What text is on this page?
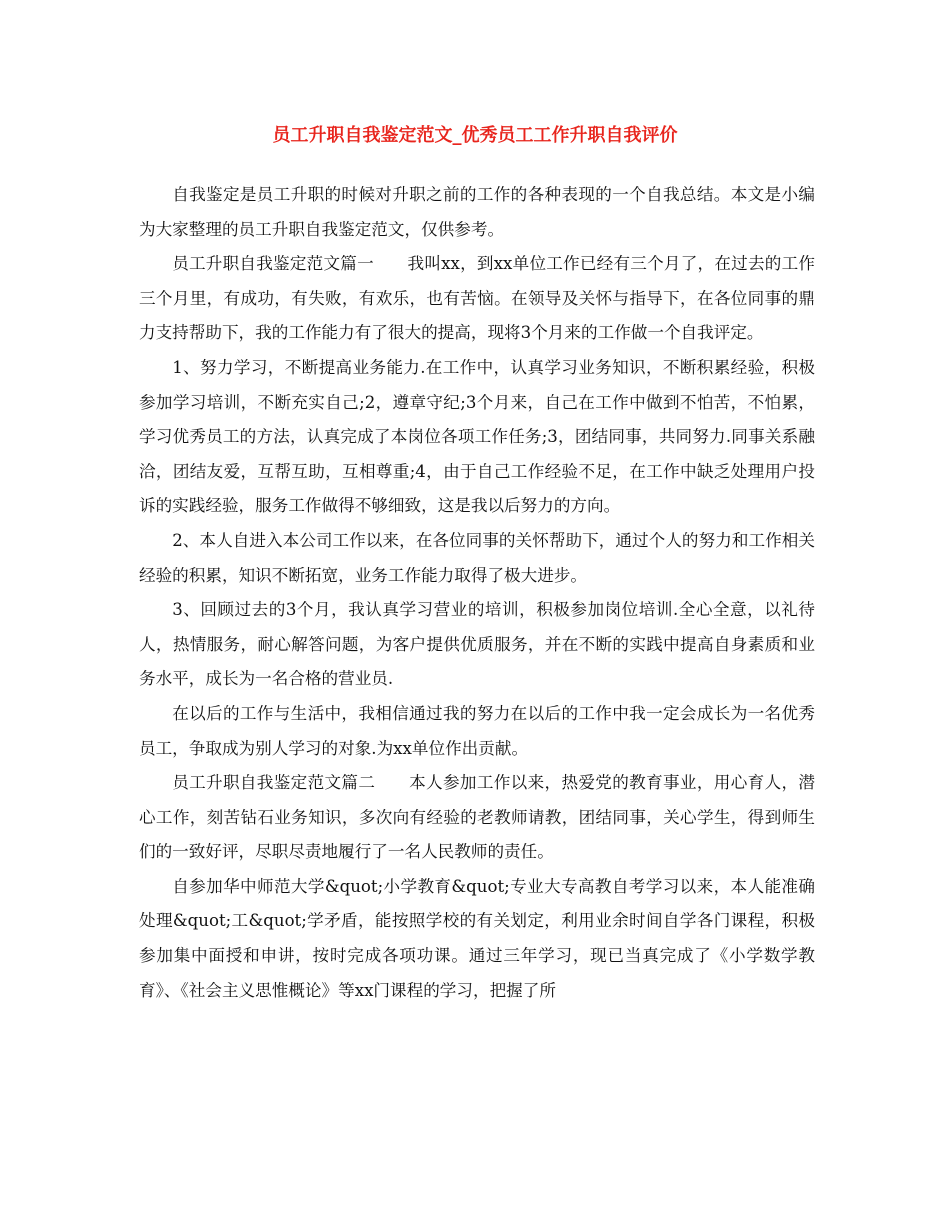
员工升职自我鉴定范文_优秀员工工作升职自我评价

自我鉴定是员工升职的时候对升职之前的工作的各种表现的一个自我总结。本文是小编为大家整理的员工升职自我鉴定范文，仅供参考。

员工升职自我鉴定范文篇一　　我叫xx，到xx单位工作已经有三个月了，在过去的工作三个月里，有成功，有失败，有欢乐，也有苦恼。在领导及关怀与指导下，在各位同事的鼎力支持帮助下，我的工作能力有了很大的提高，现将3个月来的工作做一个自我评定。

1、努力学习，不断提高业务能力.在工作中，认真学习业务知识，不断积累经验，积极参加学习培训，不断充实自己;2，遵章守纪;3个月来，自己在工作中做到不怕苦，不怕累，学习优秀员工的方法，认真完成了本岗位各项工作任务;3，团结同事，共同努力.同事关系融洽，团结友爱，互帮互助，互相尊重;4，由于自己工作经验不足，在工作中缺乏处理用户投诉的实践经验，服务工作做得不够细致，这是我以后努力的方向。

2、本人自进入本公司工作以来，在各位同事的关怀帮助下，通过个人的努力和工作相关经验的积累，知识不断拓宽，业务工作能力取得了极大进步。

3、回顾过去的3个月，我认真学习营业的培训，积极参加岗位培训.全心全意，以礼待人，热情服务，耐心解答问题，为客户提供优质服务，并在不断的实践中提高自身素质和业务水平，成长为一名合格的营业员.

在以后的工作与生活中，我相信通过我的努力在以后的工作中我一定会成长为一名优秀员工，争取成为别人学习的对象.为xx单位作出贡献。

员工升职自我鉴定范文篇二　　本人参加工作以来，热爱党的教育事业，用心育人，潜心工作，刻苦钻石业务知识，多次向有经验的老教师请教，团结同事，关心学生，得到师生们的一致好评，尽职尽责地履行了一名人民教师的责任。

自参加华中师范大学&quot;小学教育&quot;专业大专高教自考学习以来，本人能准确处理&quot;工&quot;学矛盾，能按照学校的有关划定，利用业余时间自学各门课程，积极参加集中面授和申讲，按时完成各项功课。通过三年学习，现已当真完成了《小学数学教育》、《社会主义思惟概论》等xx门课程的学习，把握了所
